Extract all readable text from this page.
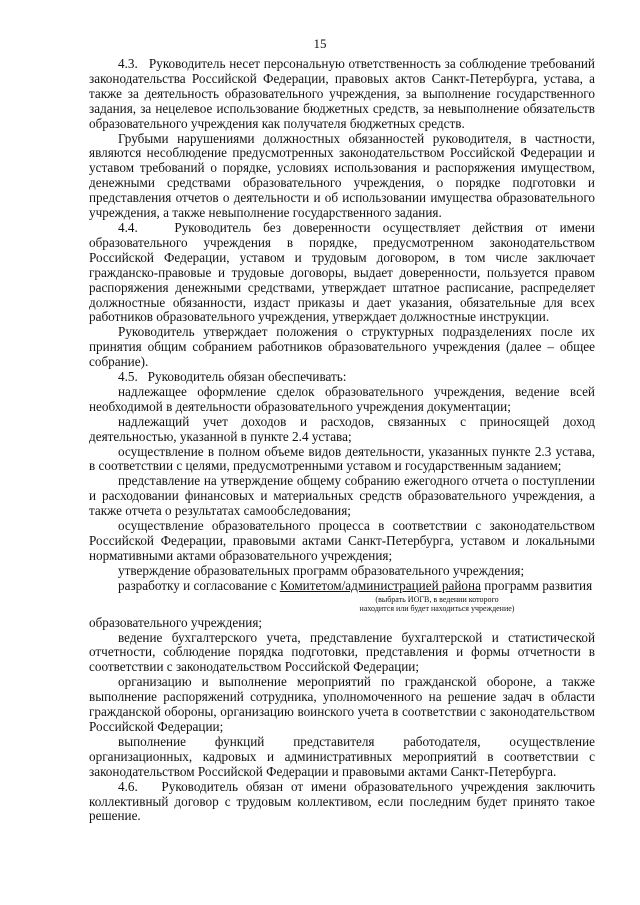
15

4.3.   Руководитель несет персональную ответственность за соблюдение требований законодательства Российской Федерации, правовых актов Санкт-Петербурга, устава, а также за деятельность образовательного учреждения, за выполнение государственного задания, за нецелевое использование бюджетных средств, за невыполнение обязательств образовательного учреждения как получателя бюджетных средств.

Грубыми нарушениями должностных обязанностей руководителя, в частности, являются несоблюдение предусмотренных законодательством Российской Федерации и уставом требований о порядке, условиях использования и распоряжения имуществом, денежными средствами образовательного учреждения, о порядке подготовки и представления отчетов о деятельности и об использовании имущества образовательного учреждения, а также невыполнение государственного задания.

4.4.   Руководитель без доверенности осуществляет действия от имени образовательного учреждения в порядке, предусмотренном законодательством Российской Федерации, уставом и трудовым договором, в том числе заключает гражданско-правовые и трудовые договоры, выдает доверенности, пользуется правом распоряжения денежными средствами, утверждает штатное расписание, распределяет должностные обязанности, издаст приказы и дает указания, обязательные для всех работников образовательного учреждения, утверждает должностные инструкции.

Руководитель утверждает положения о структурных подразделениях после их принятия общим собранием работников образовательного учреждения (далее – общее собрание).

4.5.   Руководитель обязан обеспечивать:

надлежащее оформление сделок образовательного учреждения, ведение всей необходимой в деятельности образовательного учреждения документации;

надлежащий учет доходов и расходов, связанных с приносящей доход деятельностью, указанной в пункте 2.4 устава;

осуществление в полном объеме видов деятельности, указанных пункте 2.3 устава, в соответствии с целями, предусмотренными уставом и государственным заданием;

представление на утверждение общему собранию ежегодного отчета о поступлении и расходовании финансовых и материальных средств образовательного учреждения, а также отчета о результатах самообследования;

осуществление образовательного процесса в соответствии с законодательством Российской Федерации, правовыми актами Санкт-Петербурга, уставом и локальными нормативными актами образовательного учреждения;

утверждение образовательных программ образовательного учреждения;

разработку и согласование с Комитетом/администрацией района программ развития

(выбрать ИОГВ, в ведении которого
находится или будет находиться учреждение)

образовательного учреждения;

ведение бухгалтерского учета, представление бухгалтерской и статистической отчетности, соблюдение порядка подготовки, представления и формы отчетности в соответствии с законодательством Российской Федерации;

организацию и выполнение мероприятий по гражданской обороне, а также выполнение распоряжений сотрудника, уполномоченного на решение задач в области гражданской обороны, организацию воинского учета в соответствии с законодательством Российской Федерации;

выполнение функций представителя работодателя, осуществление организационных, кадровых и административных мероприятий в соответствии с законодательством Российской Федерации и правовыми актами Санкт-Петербурга.

4.6.   Руководитель обязан от имени образовательного учреждения заключить коллективный договор с трудовым коллективом, если последним будет принято такое решение.
